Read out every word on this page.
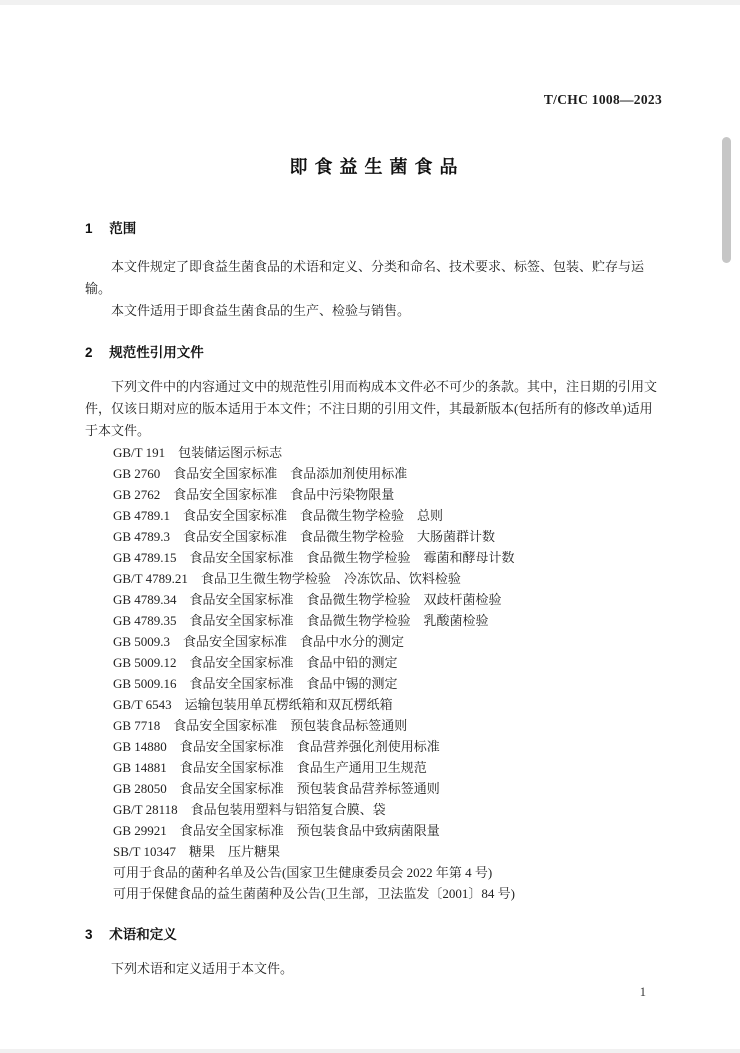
T/CHC 1008—2023
即食益生菌食品
1 范围

本文件规定了即食益生菌食品的术语和定义、分类和命名、技术要求、标签、包装、贮存与运输。

本文件适用于即食益生菌食品的生产、检验与销售。

2 规范性引用文件

下列文件中的内容通过文中的规范性引用而构成本文件必不可少的条款。其中，注日期的引用文件，仅该日期对应的版本适用于本文件；不注日期的引用文件，其最新版本(包括所有的修改单)适用于本文件。

GB/T 191　包装储运图示标志

GB 2760　食品安全国家标准　食品添加剂使用标准

GB 2762　食品安全国家标准　食品中污染物限量

GB 4789.1　食品安全国家标准　食品微生物学检验　总则

GB 4789.3　食品安全国家标准　食品微生物学检验　大肠菌群计数

GB 4789.15　食品安全国家标准　食品微生物学检验　霉菌和酵母计数

GB/T 4789.21　食品卫生微生物学检验　冷冻饮品、饮料检验

GB 4789.34　食品安全国家标准　食品微生物学检验　双歧杆菌检验

GB 4789.35　食品安全国家标准　食品微生物学检验　乳酸菌检验

GB 5009.3　食品安全国家标准　食品中水分的测定

GB 5009.12　食品安全国家标准　食品中铅的测定

GB 5009.16　食品安全国家标准　食品中锡的测定

GB/T 6543　运输包装用单瓦楞纸箱和双瓦楞纸箱

GB 7718　食品安全国家标准　预包装食品标签通则

GB 14880　食品安全国家标准　食品营养强化剂使用标准

GB 14881　食品安全国家标准　食品生产通用卫生规范

GB 28050　食品安全国家标准　预包装食品营养标签通则

GB/T 28118　食品包装用塑料与铝箔复合膜、袋

GB 29921　食品安全国家标准　预包装食品中致病菌限量

SB/T 10347　糖果　压片糖果

可用于食品的菌种名单及公告(国家卫生健康委员会 2022 年第 4 号)

可用于保健食品的益生菌菌种及公告(卫生部，卫法监发〔2001〕84 号)

3 术语和定义

下列术语和定义适用于本文件。

1
